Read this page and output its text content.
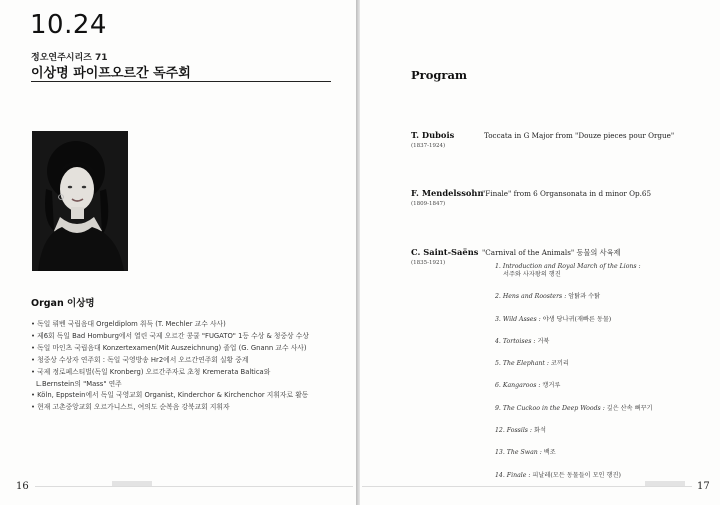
10.24
정오연주시리즈 71
이상명 파이프오르간 독주회
Organ 이상명
• 독일 뤼벤 국립음대 Orgeldiplom 취득 (T. Mechler 교수 사사)
• 제6회 독일 Bad Homburg에서 열린 국제 오르간 콩쿨 "FUGATO" 1등 수상 & 청중상 수상
• 독일 마인츠 국립음대 Konzertexamen(Mit Auszeichnung) 졸업 (G. Gnann 교수 사사)
• 청중상 수상자 연주회 : 독일 국영방송 Hr2에서 오르간연주회 실황 중계
• 국제 정로페스티벌(독일 Kronberg) 오르간주자로 초청 Kremerata Baltica와
L.Bernstein의 "Mass" 연주
• Köln, Eppstein에서 독일 국영교회 Organist, Kinderchor & Kirchenchor 지휘자로 활동
• 현재 고촌중앙교회 오르가니스트, 여의도 순복음 강북교회 지휘자
16
Program
T. Dubois
(1837-1924)
Toccata in G Major from "Douze pieces pour Orgue"
F. Mendelssohn
(1809-1847)
"Finale" from 6 Organsonata in d minor Op.65
C. Saint-Saëns
(1835-1921)
"Carnival of the Animals" 동물의 사육제
1. Introduction and Royal March of the Lions :
서주와 사자왕의 행진
2. Hens and Roosters : 암탉과 수탉
3. Wild Asses : 야생 당나귀(재빠른 동물)
4. Tortoises : 거북
5. The Elephant : 코끼리
6. Kangaroos : 캥거루
9. The Cuckoo in the Deep Woods : 깊은 산속 뻐꾸기
12. Fossils : 화석
13. The Swan : 백조
14. Finale : 피날레(모든 동물들이 모인 행진)
17
